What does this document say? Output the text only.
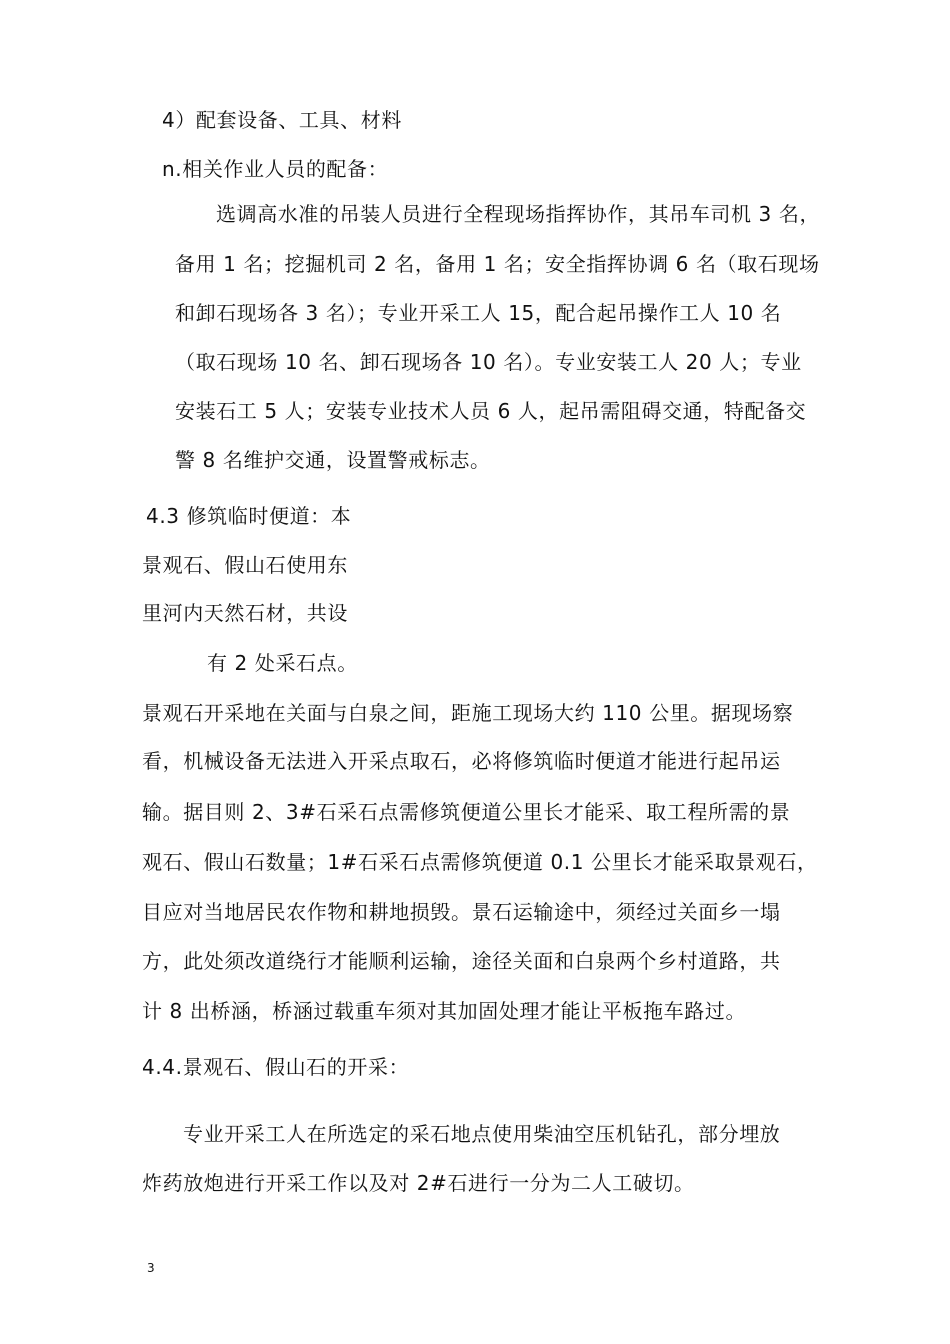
4）配套设备、工具、材料
n.相关作业人员的配备：
选调高水准的吊装人员进行全程现场指挥协作，其吊车司机 3 名，
备用 1 名；挖掘机司 2 名，备用 1 名；安全指挥协调 6 名（取石现场
和卸石现场各 3 名）；专业开采工人 15，配合起吊操作工人 10 名
（取石现场 10 名、卸石现场各 10 名）。专业安装工人 20 人；专业
安装石工 5 人；安装专业技术人员 6 人，起吊需阻碍交通，特配备交
警 8 名维护交通，设置警戒标志。
4.3 修筑临时便道：本
景观石、假山石使用东
里河内天然石材，共设
有 2 处采石点。
景观石开采地在关面与白泉之间，距施工现场大约 110 公里。据现场察
看，机械设备无法进入开采点取石，必将修筑临时便道才能进行起吊运
输。据目则 2、3#石采石点需修筑便道公里长才能采、取工程所需的景
观石、假山石数量；1#石采石点需修筑便道 0.1 公里长才能采取景观石，
目应对当地居民农作物和耕地损毁。景石运输途中，须经过关面乡一塌
方，此处须改道绕行才能顺利运输，途径关面和白泉两个乡村道路，共
计 8 出桥涵，桥涵过载重车须对其加固处理才能让平板拖车路过。
4.4.景观石、假山石的开采：
专业开采工人在所选定的采石地点使用柴油空压机钻孔，部分埋放
炸药放炮进行开采工作以及对 2#石进行一分为二人工破切。
3
